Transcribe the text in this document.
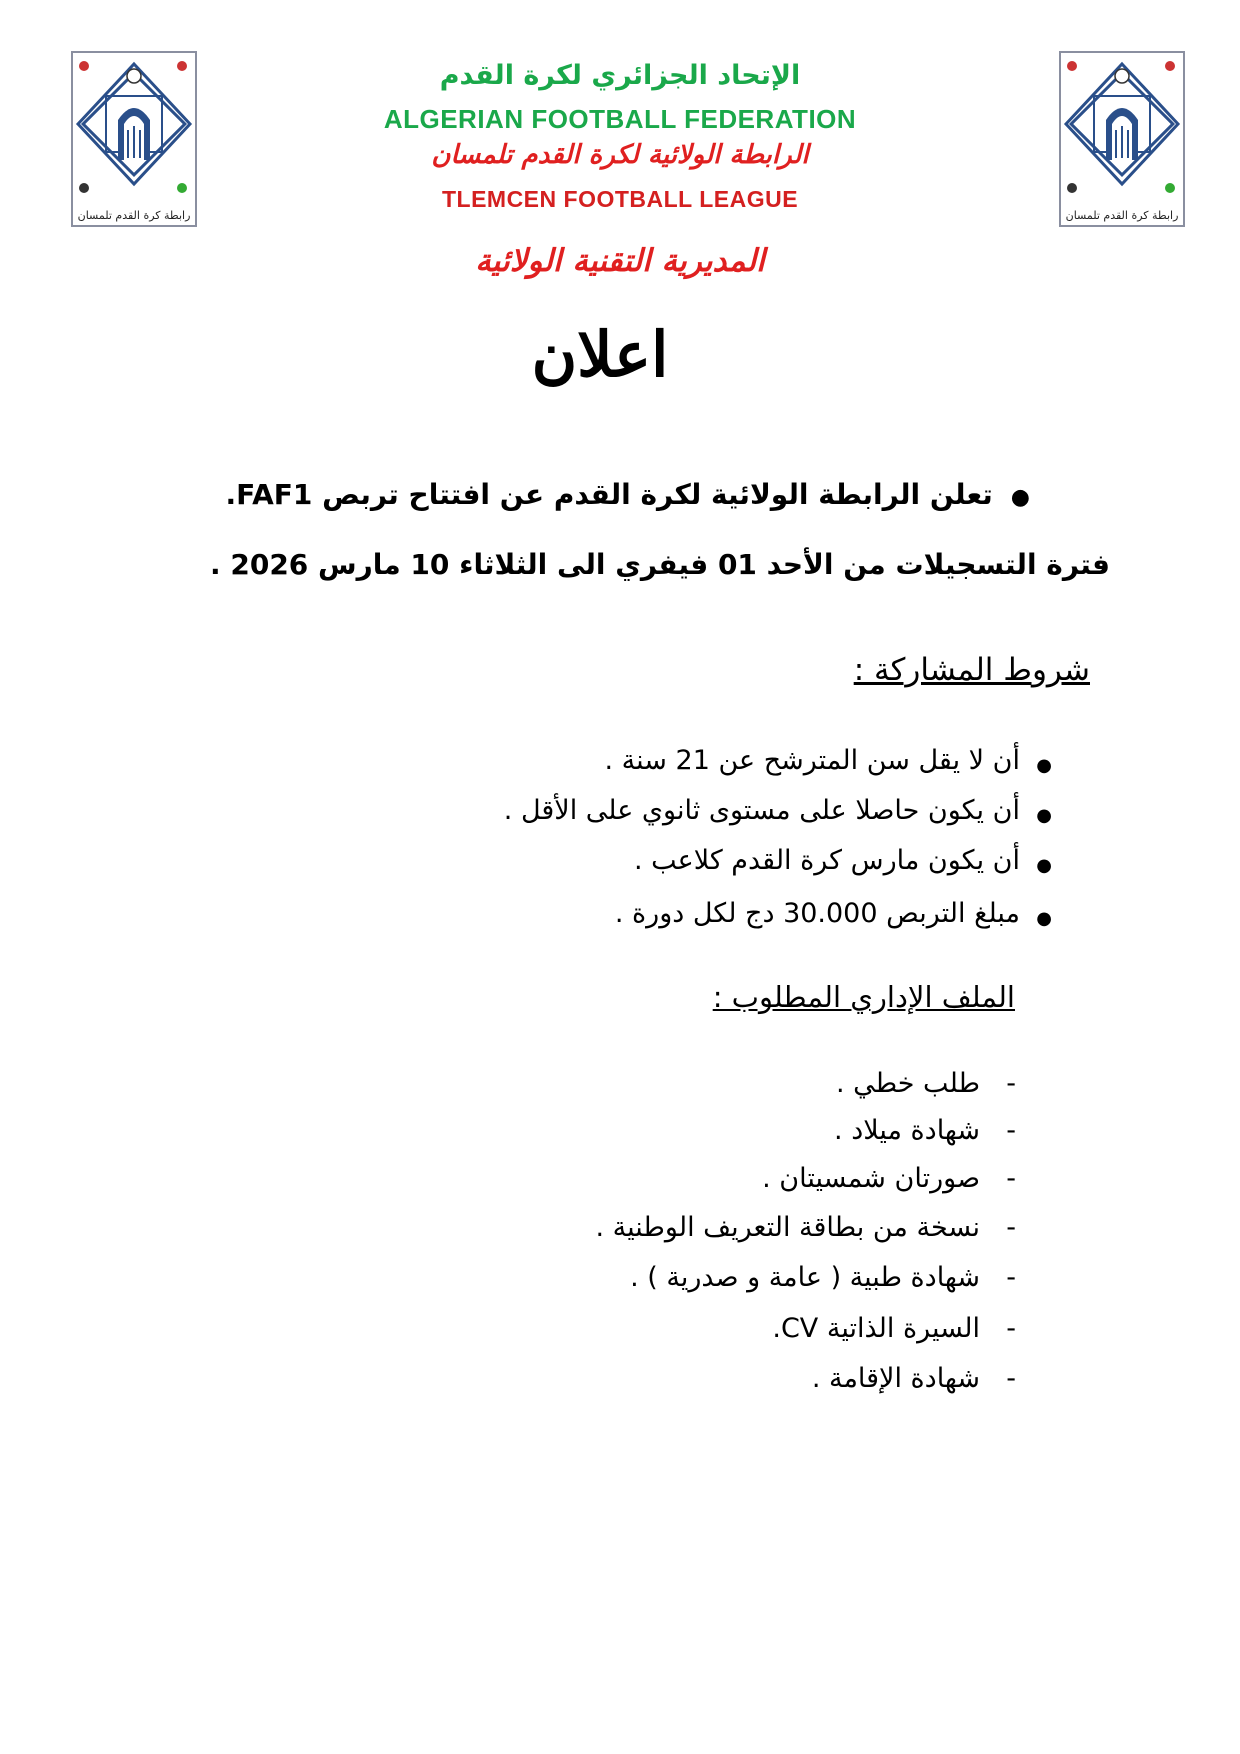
رابطة كرة القدم تلمسان	رابطة كرة القدم تلمسان
الإتحاد الجزائري لكرة القدم
ALGERIAN FOOTBALL FEDERATION
الرابطة الولائية لكرة القدم تلمسان
TLEMCEN FOOTBALL LEAGUE
المديرية التقنية الولائية
اعلان
●تعلن الرابطة الولائية لكرة القدم عن افتتاح تربص FAF1.
فترة التسجيلات من الأحد 01 فيفري الى الثلاثاء 10 مارس 2026 .
شروط المشاركة :
●
أن لا يقل سن المترشح عن 21 سنة .
●
أن يكون حاصلا على مستوى ثانوي على الأقل .
●
أن يكون مارس كرة القدم كلاعب .
●
مبلغ التربص 30.000 دج لكل دورة .
الملف الإداري المطلوب :
-
طلب خطي .
-
شهادة ميلاد .
-
صورتان شمسيتان .
-
نسخة من بطاقة التعريف الوطنية .
-
شهادة طبية ( عامة و صدرية ) .
-
السيرة الذاتية CV.
-
شهادة الإقامة .
